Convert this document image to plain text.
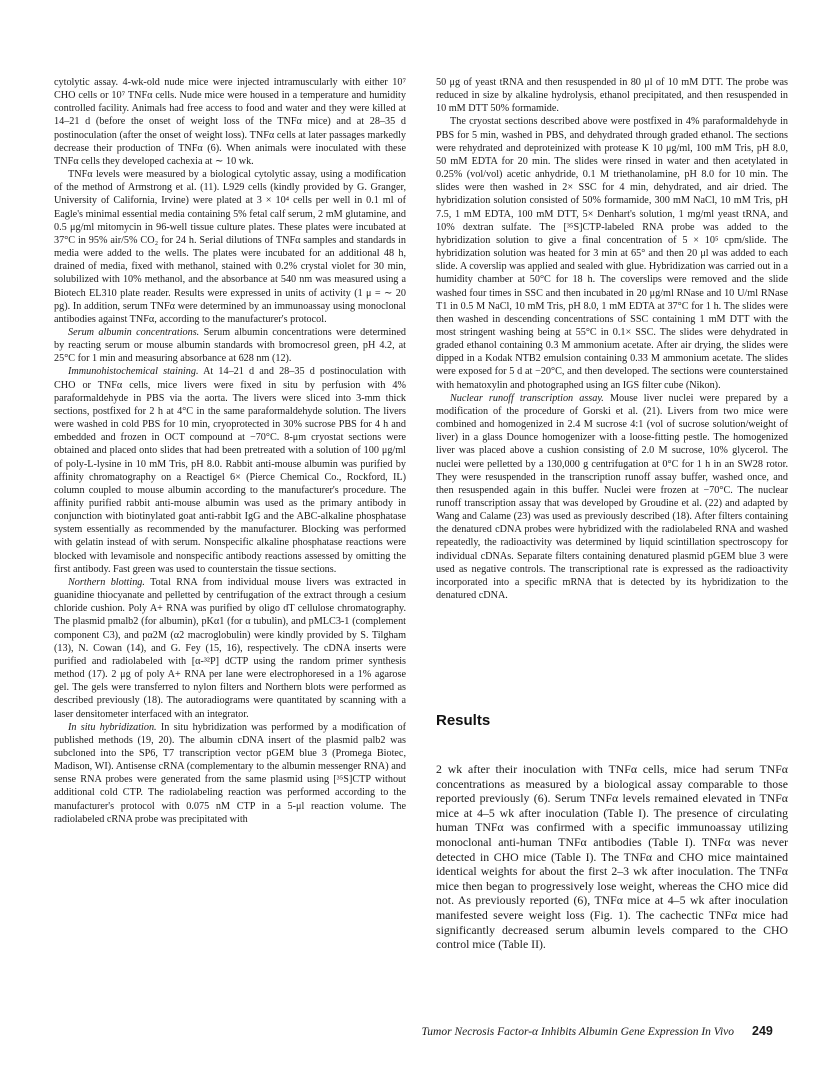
cytolytic assay. 4-wk-old nude mice were injected intramuscularly with either 10⁷ CHO cells or 10⁷ TNFα cells. Nude mice were housed in a temperature and humidity controlled facility. Animals had free access to food and water and they were killed at 14–21 d (before the onset of weight loss of the TNFα mice) and at 28–35 d postinoculation (after the onset of weight loss). TNFα cells at later passages markedly decrease their production of TNFα (6). When animals were inoculated with these TNFα cells they developed cachexia at ∼ 10 wk.

TNFα levels were measured by a biological cytolytic assay, using a modification of the method of Armstrong et al. (11). L929 cells (kindly provided by G. Granger, University of California, Irvine) were plated at 3 × 10⁴ cells per well in 0.1 ml of Eagle's minimal essential media containing 5% fetal calf serum, 2 mM glutamine, and 0.5 μg/ml mitomycin in 96-well tissue culture plates. These plates were incubated at 37°C in 95% air/5% CO₂ for 24 h. Serial dilutions of TNFα samples and standards in media were added to the wells. The plates were incubated for an additional 48 h, drained of media, fixed with methanol, stained with 0.2% crystal violet for 30 min, solubilized with 10% methanol, and the absorbance at 540 nm was measured using a Biotech EL310 plate reader. Results were expressed in units of activity (1 μ = ∼ 20 pg). In addition, serum TNFα were determined by an immunoassay using monoclonal antibodies against TNFα, according to the manufacturer's protocol.

Serum albumin concentrations. Serum albumin concentrations were determined by reacting serum or mouse albumin standards with bromocresol green, pH 4.2, at 25°C for 1 min and measuring absorbance at 628 nm (12).

Immunohistochemical staining. At 14–21 d and 28–35 d postinoculation with CHO or TNFα cells, mice livers were fixed in situ by perfusion with 4% paraformaldehyde in PBS via the aorta. The livers were sliced into 3-mm thick sections, postfixed for 2 h at 4°C in the same paraformaldehyde solution. The livers were washed in cold PBS for 10 min, cryoprotected in 30% sucrose PBS for 4 h and embedded and frozen in OCT compound at −70°C. 8-μm cryostat sections were obtained and placed onto slides that had been pretreated with a solution of 100 μg/ml of poly-L-lysine in 10 mM Tris, pH 8.0. Rabbit anti-mouse albumin was purified by affinity chromatography on a Reactigel 6× (Pierce Chemical Co., Rockford, IL) column coupled to mouse albumin according to the manufacturer's procedure. The affinity purified rabbit anti-mouse albumin was used as the primary antibody in conjunction with biotinylated goat anti-rabbit IgG and the ABC-alkaline phosphatase system essentially as recommended by the manufacturer. Blocking was performed with gelatin instead of with serum. Nonspecific alkaline phosphatase reactions were blocked with levamisole and nonspecific antibody reactions assessed by omitting the first antibody. Fast green was used to counterstain the tissue sections.

Northern blotting. Total RNA from individual mouse livers was extracted in guanidine thiocyanate and pelletted by centrifugation of the extract through a cesium chloride cushion. Poly A+ RNA was purified by oligo dT cellulose chromatography. The plasmid pmalb2 (for albumin), pKα1 (for α tubulin), and pMLC3-1 (complement component C3), and pα2M (α2 macroglobulin) were kindly provided by S. Tilgham (13), N. Cowan (14), and G. Fey (15, 16), respectively. The cDNA inserts were purified and radiolabeled with [α-³²P] dCTP using the random primer synthesis method (17). 2 μg of poly A+ RNA per lane were electrophoresed in a 1% agarose gel. The gels were transferred to nylon filters and Northern blots were performed as described previously (18). The autoradiograms were quantitated by scanning with a laser densitometer interfaced with an integrator.

In situ hybridization. In situ hybridization was performed by a modification of published methods (19, 20). The albumin cDNA insert of the plasmid palb2 was subcloned into the SP6, T7 transcription vector pGEM blue 3 (Promega Biotec, Madison, WI). Antisense cRNA (complementary to the albumin messenger RNA) and sense RNA probes were generated from the same plasmid using [³⁵S]CTP without additional cold CTP. The radiolabeling reaction was performed according to the manufacturer's protocol with 0.075 nM CTP in a 5-μl reaction volume. The radiolabeled cRNA probe was precipitated with

50 μg of yeast tRNA and then resuspended in 80 μl of 10 mM DTT. The probe was reduced in size by alkaline hydrolysis, ethanol precipitated, and then resuspended in 10 mM DTT 50% formamide.

The cryostat sections described above were postfixed in 4% paraformaldehyde in PBS for 5 min, washed in PBS, and dehydrated through graded ethanol. The sections were rehydrated and deproteinized with protease K 10 μg/ml, 100 mM Tris, pH 8.0, 50 mM EDTA for 20 min. The slides were rinsed in water and then acetylated in 0.25% (vol/vol) acetic anhydride, 0.1 M triethanolamine, pH 8.0 for 10 min. The slides were then washed in 2× SSC for 4 min, dehydrated, and air dried. The hybridization solution consisted of 50% formamide, 300 mM NaCl, 10 mM Tris, pH 7.5, 1 mM EDTA, 100 mM DTT, 5× Denhart's solution, 1 mg/ml yeast tRNA, and 10% dextran sulfate. The [³⁵S]CTP-labeled RNA probe was added to the hybridization solution to give a final concentration of 5 × 10⁵ cpm/slide. The hybridization solution was heated for 3 min at 65° and then 20 μl was added to each slide. A coverslip was applied and sealed with glue. Hybridization was carried out in a humidity chamber at 50°C for 18 h. The coverslips were removed and the slide washed four times in SSC and then incubated in 20 μg/ml RNase and 10 U/ml RNase T1 in 0.5 M NaCl, 10 mM Tris, pH 8.0, 1 mM EDTA at 37°C for 1 h. The slides were then washed in descending concentrations of SSC containing 1 mM DTT with the most stringent washing being at 55°C in 0.1× SSC. The slides were dehydrated in graded ethanol containing 0.3 M ammonium acetate. After air drying, the slides were dipped in a Kodak NTB2 emulsion containing 0.33 M ammonium acetate. The slides were exposed for 5 d at −20°C, and then developed. The sections were counterstained with hematoxylin and photographed using an IGS filter cube (Nikon).

Nuclear runoff transcription assay. Mouse liver nuclei were prepared by a modification of the procedure of Gorski et al. (21). Livers from two mice were combined and homogenized in 2.4 M sucrose 4:1 (vol of sucrose solution/weight of liver) in a glass Dounce homogenizer with a loose-fitting pestle. The homogenized liver was placed above a cushion consisting of 2.0 M sucrose, 10% glycerol. The nuclei were pelletted by a 130,000 g centrifugation at 0°C for 1 h in an SW28 rotor. They were resuspended in the transcription runoff assay buffer, washed once, and then resuspended again in this buffer. Nuclei were frozen at −70°C. The nuclear runoff transcription assay that was developed by Groudine et al. (22) and adapted by Wang and Calame (23) was used as previously described (18). After filters containing the denatured cDNA probes were hybridized with the radiolabeled RNA and washed repeatedly, the radioactivity was determined by liquid scintillation spectroscopy for individual cDNAs. Separate filters containing denatured plasmid pGEM blue 3 were used as negative controls. The transcriptional rate is expressed as the radioactivity incorporated into a specific mRNA that is detected by its hybridization to the denatured cDNA.

Results

2 wk after their inoculation with TNFα cells, mice had serum TNFα concentrations as measured by a biological assay comparable to those reported previously (6). Serum TNFα levels remained elevated in TNFα mice at 4–5 wk after inoculation (Table I). The presence of circulating human TNFα was confirmed with a specific immunoassay utilizing monoclonal anti-human TNFα antibodies (Table I). TNFα was never detected in CHO mice (Table I). The TNFα and CHO mice maintained identical weights for about the first 2–3 wk after inoculation. The TNFα mice then began to progressively lose weight, whereas the CHO mice did not. As previously reported (6), TNFα mice at 4–5 wk after inoculation manifested severe weight loss (Fig. 1). The cachectic TNFα mice had significantly decreased serum albumin levels compared to the CHO control mice (Table II).

Tumor Necrosis Factor-α Inhibits Albumin Gene Expression In Vivo 249
